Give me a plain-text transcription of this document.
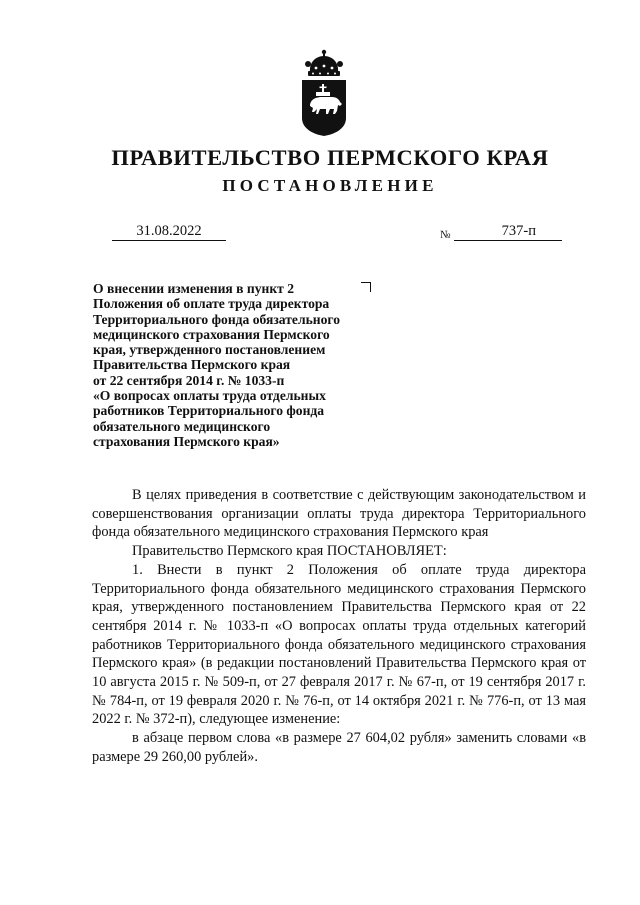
ПРАВИТЕЛЬСТВО ПЕРМСКОГО КРАЯ
ПОСТАНОВЛЕНИЕ
31.08.2022	№	737-п
О внесении изменения в пункт 2
Положения об оплате труда директора
Территориального фонда обязательного
медицинского страхования Пермского
края, утвержденного постановлением
Правительства Пермского края
от 22 сентября 2014 г. № 1033-п
«О вопросах оплаты труда отдельных
работников Территориального фонда
обязательного медицинского
страхования Пермского края»

В целях приведения в соответствие с действующим законодательством и совершенствования организации оплаты труда директора Территориального фонда обязательного медицинского страхования Пермского края

Правительство Пермского края ПОСТАНОВЛЯЕТ:

1. Внести в пункт 2 Положения об оплате труда директора Территориального фонда обязательного медицинского страхования Пермского края, утвержденного постановлением Правительства Пермского края от 22 сентября 2014 г. № 1033-п «О вопросах оплаты труда отдельных категорий работников Территориального фонда обязательного медицинского страхования Пермского края» (в редакции постановлений Правительства Пермского края от 10 августа 2015 г. № 509-п, от 27 февраля 2017 г. № 67-п, от 19 сентября 2017 г. № 784-п, от 19 февраля 2020 г. № 76-п, от 14 октября 2021 г. № 776-п, от 13 мая 2022 г. № 372-п), следующее изменение:

в абзаце первом слова «в размере 27 604,02 рубля» заменить словами «в размере 29 260,00 рублей».
